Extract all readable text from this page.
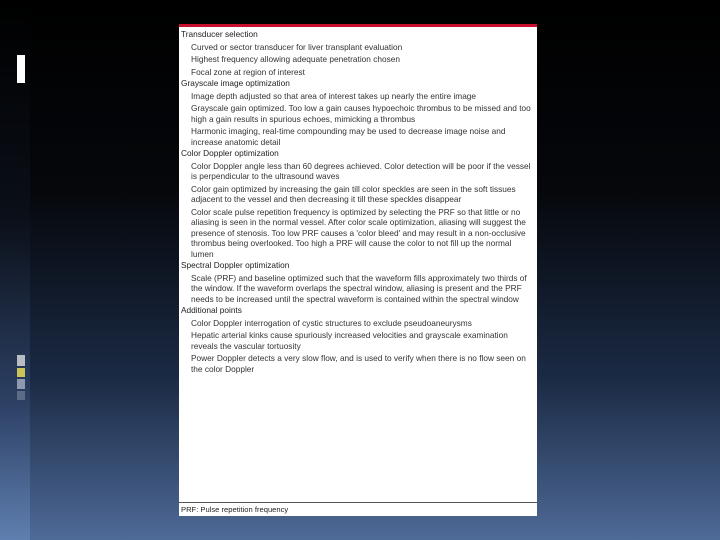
Transducer selection
Curved or sector transducer for liver transplant evaluation
Highest frequency allowing adequate penetration chosen
Focal zone at region of interest
Grayscale image optimization
Image depth adjusted so that area of interest takes up nearly the entire image
Grayscale gain optimized. Too low a gain causes hypoechoic thrombus to be missed and too high a gain results in spurious echoes, mimicking a thrombus
Harmonic imaging, real-time compounding may be used to decrease image noise and increase anatomic detail
Color Doppler optimization
Color Doppler angle less than 60 degrees achieved. Color detection will be poor if the vessel is perpendicular to the ultrasound waves
Color gain optimized by increasing the gain till color speckles are seen in the soft tissues adjacent to the vessel and then decreasing it till these speckles disappear
Color scale pulse repetition frequency is optimized by selecting the PRF so that little or no aliasing is seen in the normal vessel. After color scale optimization, aliasing will suggest the presence of stenosis. Too low PRF causes a 'color bleed' and may result in a non-occlusive thrombus being overlooked. Too high a PRF will cause the color to not fill up the normal lumen
Spectral Doppler optimization
Scale (PRF) and baseline optimized such that the waveform fills approximately two thirds of the window. If the waveform overlaps the spectral window, aliasing is present and the PRF needs to be increased until the spectral waveform is contained within the spectral window
Additional points
Color Doppler interrogation of cystic structures to exclude pseudoaneurysms
Hepatic arterial kinks cause spuriously increased velocities and grayscale examination reveals the vascular tortuosity
Power Doppler detects a very slow flow, and is used to verify when there is no flow seen on the color Doppler
PRF: Pulse repetition frequency
